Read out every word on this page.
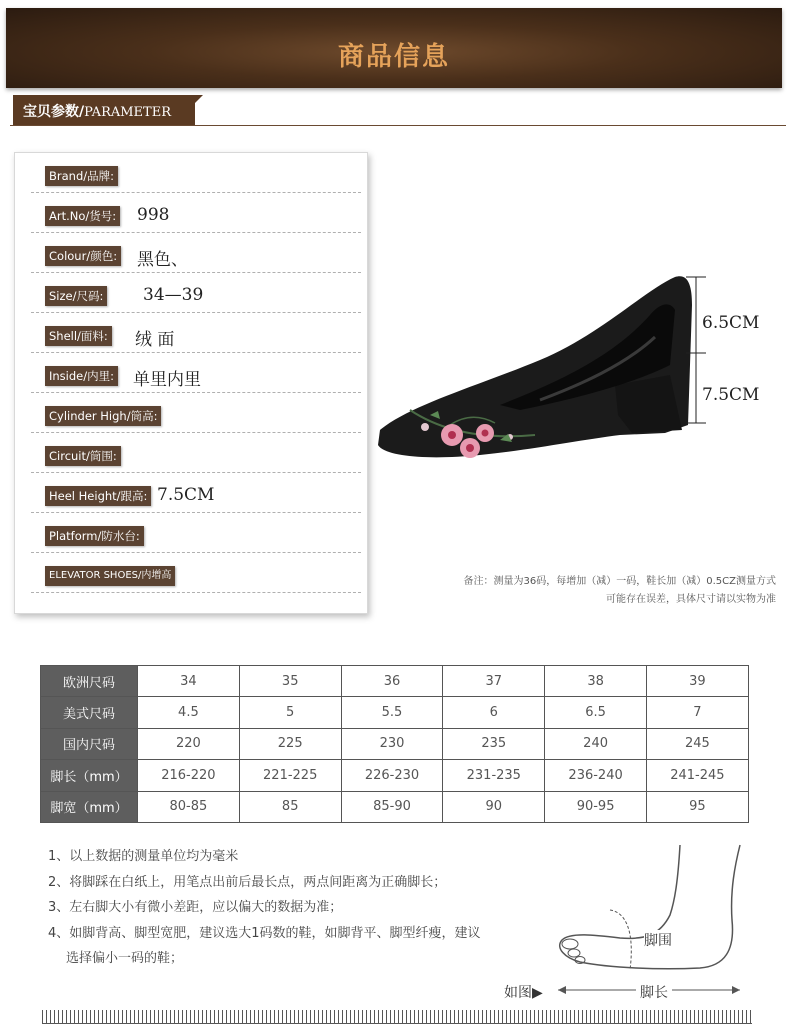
商品信息
宝贝参数/PARAMETER
Brand/品牌:
Art.No/货号: 998
Colour/颜色: 黑色、
Size/尺码: 34—39
Shell/面料: 绒 面
Inside/内里: 单里内里
Cylinder High/筒高:
Circuit/筒围:
Heel Height/跟高: 7.5CM
Platform/防水台:
ELEVATOR SHOES/内增高
6.5CM
7.5CM
备注：测量为36码，每增加（减）一码，鞋长加（减）0.5CZ测量方式
可能存在误差，具体尺寸请以实物为准
欧洲尺码	34	35	36	37	38	39
美式尺码	4.5	5	5.5	6	6.5	7
国内尺码	220	225	230	235	240	245
脚长（mm）	216-220	221-225	226-230	231-235	236-240	241-245
脚宽（mm）	80-85	85	85-90	90	90-95	95
1、以上数据的测量单位均为毫米
2、将脚踩在白纸上，用笔点出前后最长点，两点间距离为正确脚长；
3、左右脚大小有微小差距，应以偏大的数据为准；
4、如脚背高、脚型宽肥，建议选大1码数的鞋，如脚背平、脚型纤瘦，建议
选择偏小一码的鞋；
脚围
脚长
如图▶
